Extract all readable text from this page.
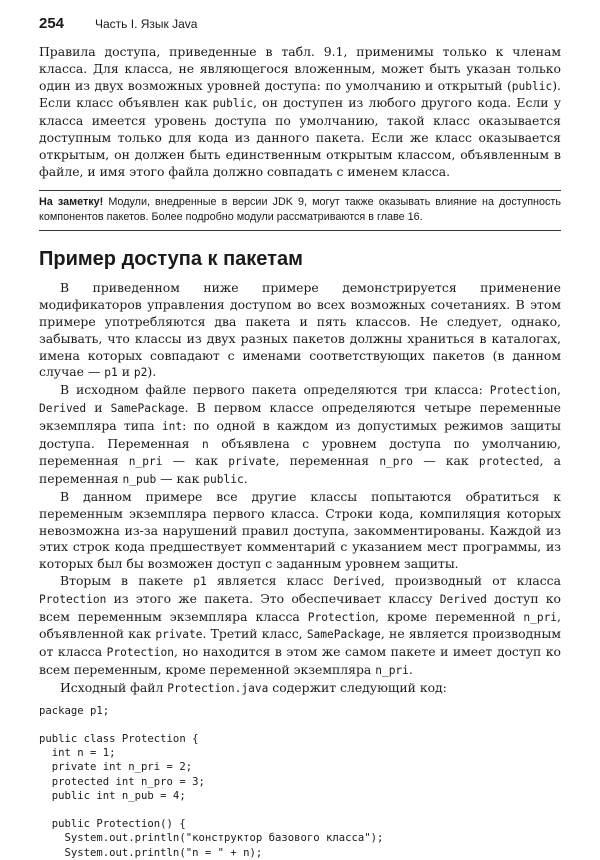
254	Часть I. Язык Java

Правила доступа, приведенные в табл. 9.1, применимы только к членам класса. Для класса, не являющегося вложенным, может быть указан только один из двух возможных уровней доступа: по умолчанию и открытый (public). Если класс объявлен как public, он доступен из любого другого кода. Если у класса имеется уровень доступа по умолчанию, такой класс оказывается доступным только для кода из данного пакета. Если же класс оказывается открытым, он должен быть единственным открытым классом, объявленным в файле, и имя этого файла должно совпадать с именем класса.

На заметку! Модули, внедренные в версии JDK 9, могут также оказывать влияние на доступность компонентов пакетов. Более подробно модули рассматриваются в главе 16.
Пример доступа к пакетам

В приведенном ниже примере демонстрируется применение модификаторов управления доступом во всех возможных сочетаниях. В этом примере употребляются два пакета и пять классов. Не следует, однако, забывать, что классы из двух разных пакетов должны храниться в каталогах, имена которых совпадают с именами соответствующих пакетов (в данном случае — p1 и p2).

В исходном файле первого пакета определяются три класса: Protection, Derived и SamePackage. В первом классе определяются четыре переменные экземпляра типа int: по одной в каждом из допустимых режимов защиты доступа. Переменная n объявлена с уровнем доступа по умолчанию, переменная n_pri — как private, переменная n_pro — как protected, а переменная n_pub — как public.

В данном примере все другие классы попытаются обратиться к переменным экземпляра первого класса. Строки кода, компиляция которых невозможна из-за нарушений правил доступа, закомментированы. Каждой из этих строк кода предшествует комментарий с указанием мест программы, из которых был бы возможен доступ с заданным уровнем защиты.

Вторым в пакете p1 является класс Derived, производный от класса Protection из этого же пакета. Это обеспечивает классу Derived доступ ко всем переменным экземпляра класса Protection, кроме переменной n_pri, объявленной как private. Третий класс, SamePackage, не является производным от класса Protection, но находится в этом же самом пакете и имеет доступ ко всем переменным, кроме переменной экземпляра n_pri.

Исходный файл Protection.java содержит следующий код:

package p1;

public class Protection {
int n = 1;
private int n_pri = 2;
protected int n_pro = 3;
public int n_pub = 4;

public Protection() {
System.out.println("конструктор базового класса");
System.out.println("n = " + n);
